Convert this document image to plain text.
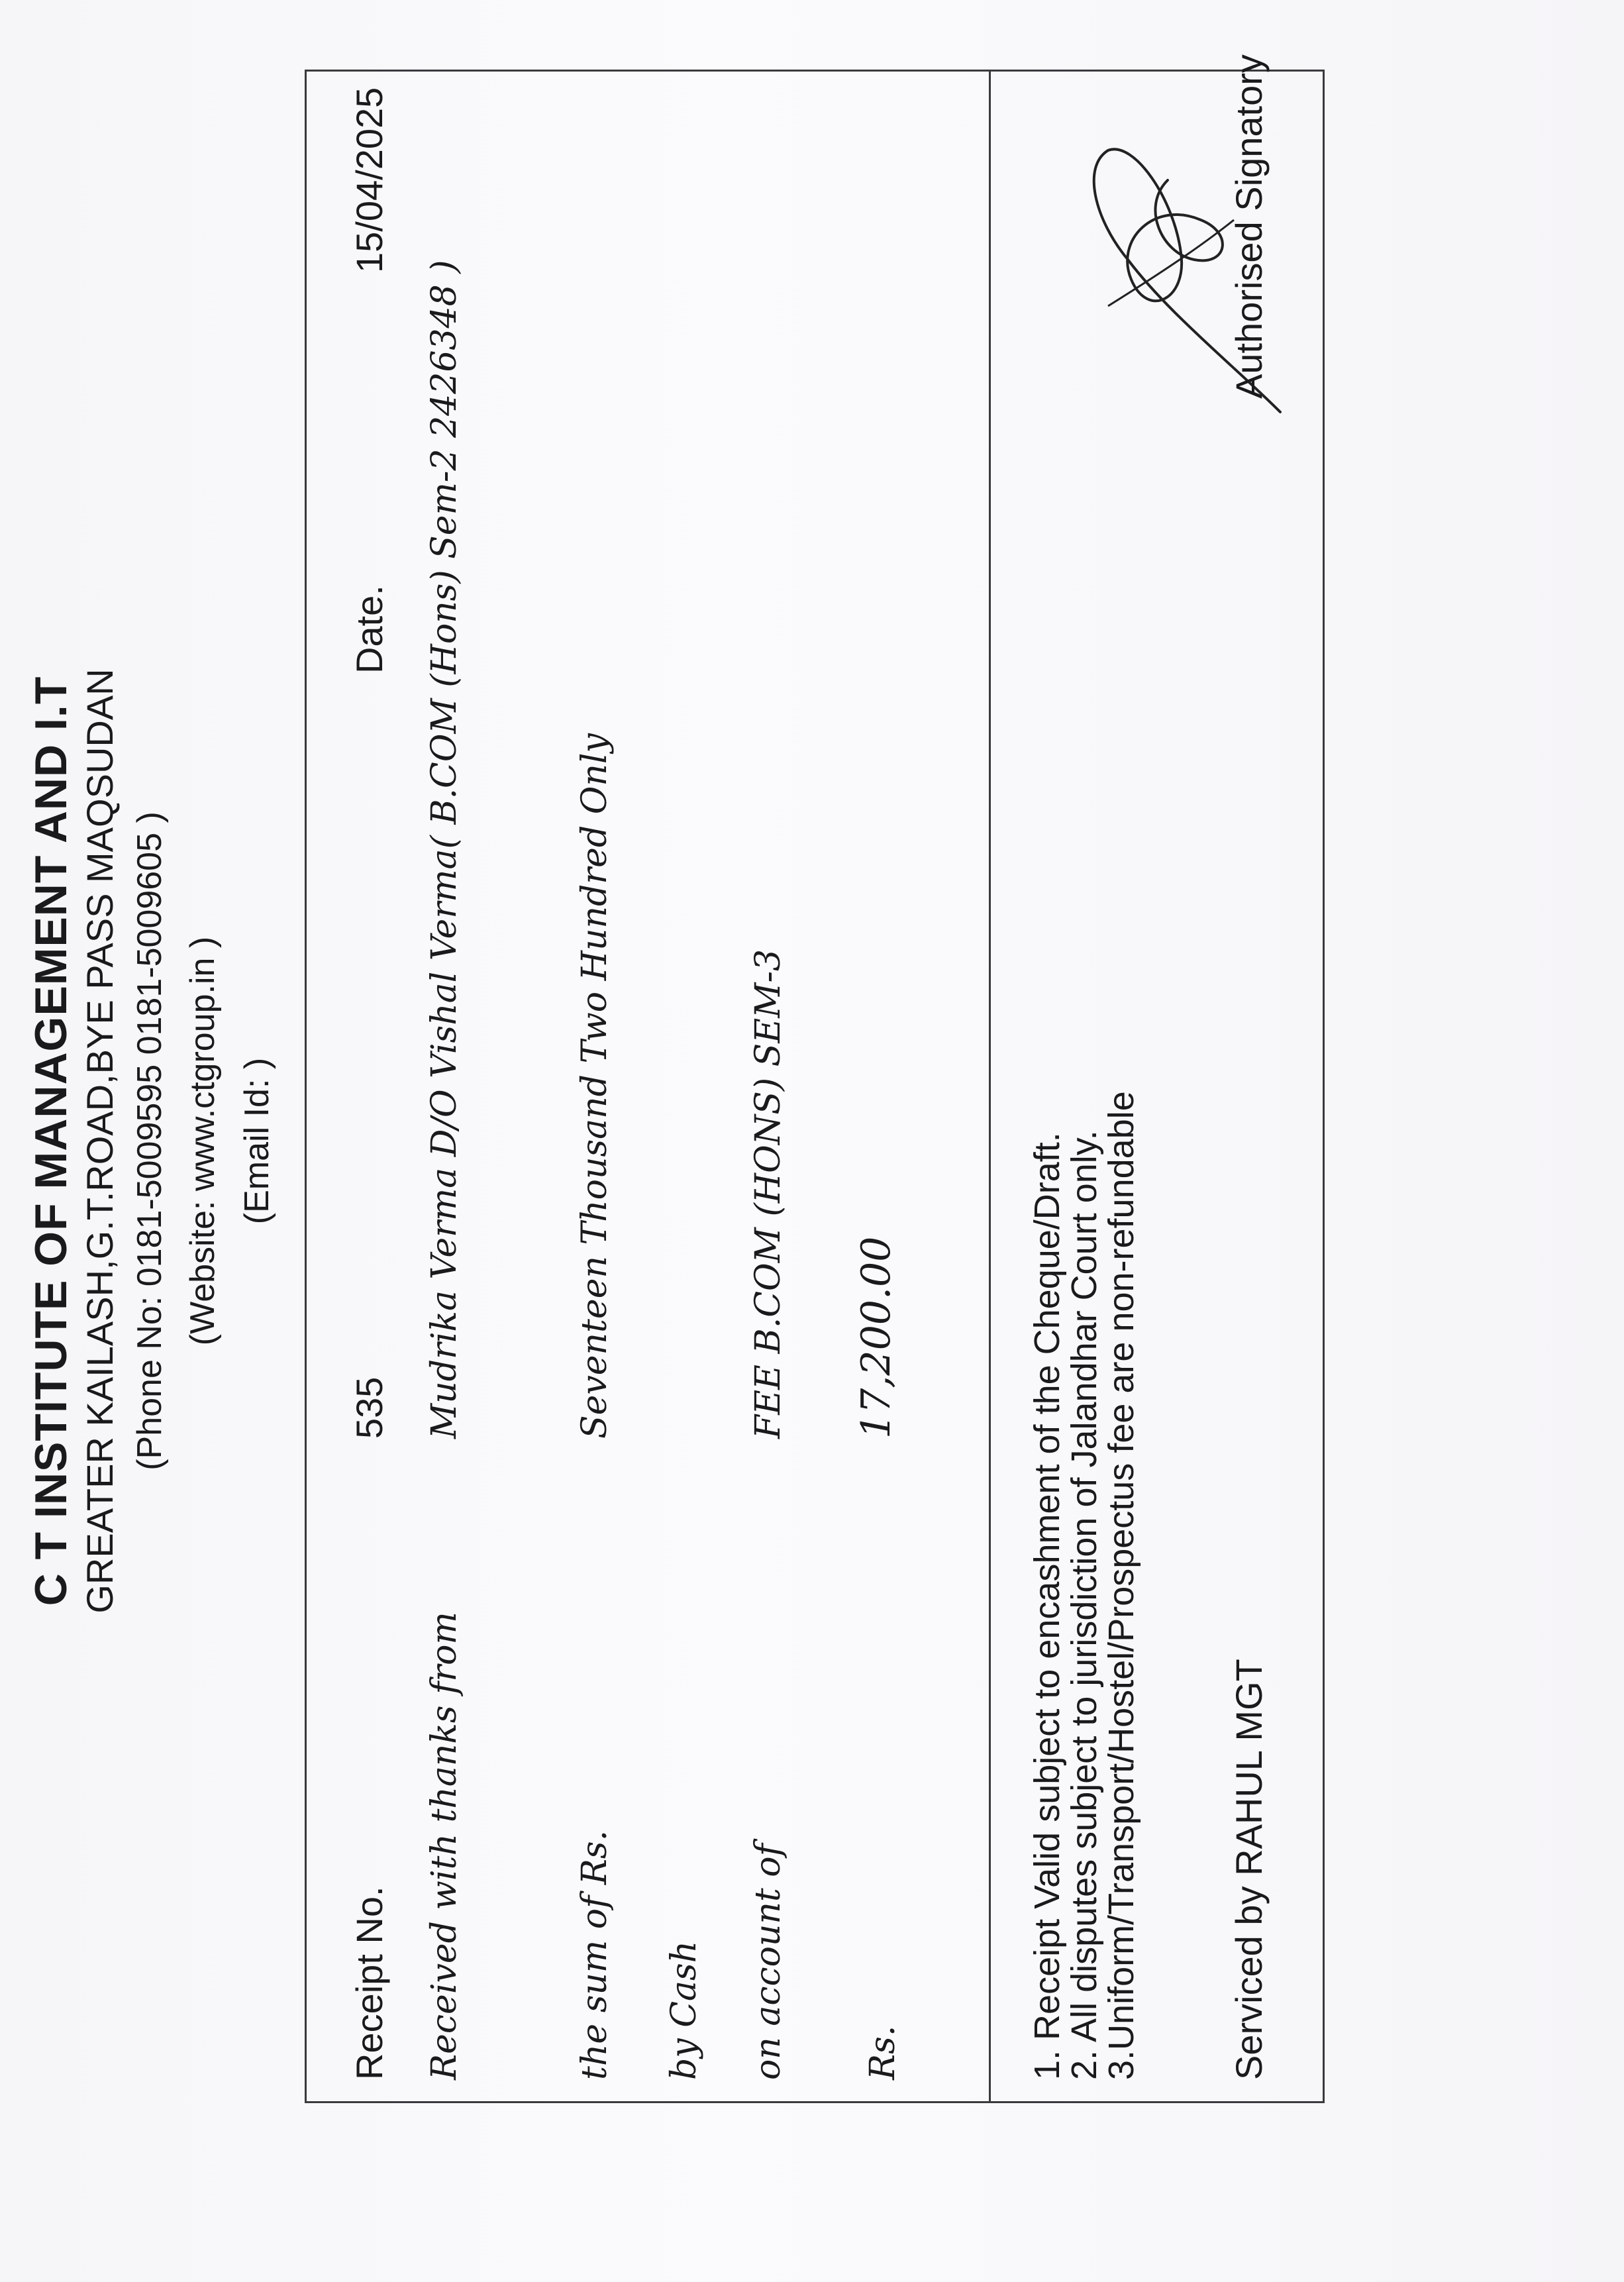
C T INSTITUTE OF MANAGEMENT AND I.T GREATER KAILASH,G.T.ROAD,BYE PASS MAQSUDAN (Phone No: 0181-5009595 0181-5009605 ) (Website: www.ctgroup.in ) (Email Id: )
Receipt No.
535
Date.
15/04/2025
Received with thanks from
Mudrika Verma D/O Vishal Verma( B.COM (Hons) Sem-2 2426348 )
the sum of Rs.
Seventeen Thousand Two Hundred Only
by Cash on account of
FEE B.COM (HONS) SEM-3
Rs.
17,200.00	1. Receipt Valid subject to encashment of the Cheque/Draft.
2. All disputes subject to jurisdiction of Jalandhar Court only.
3.Uniform/Transport/Hostel/Prospectus fee are non-refundable Serviced by RAHUL MGT
Authorised Signatory
